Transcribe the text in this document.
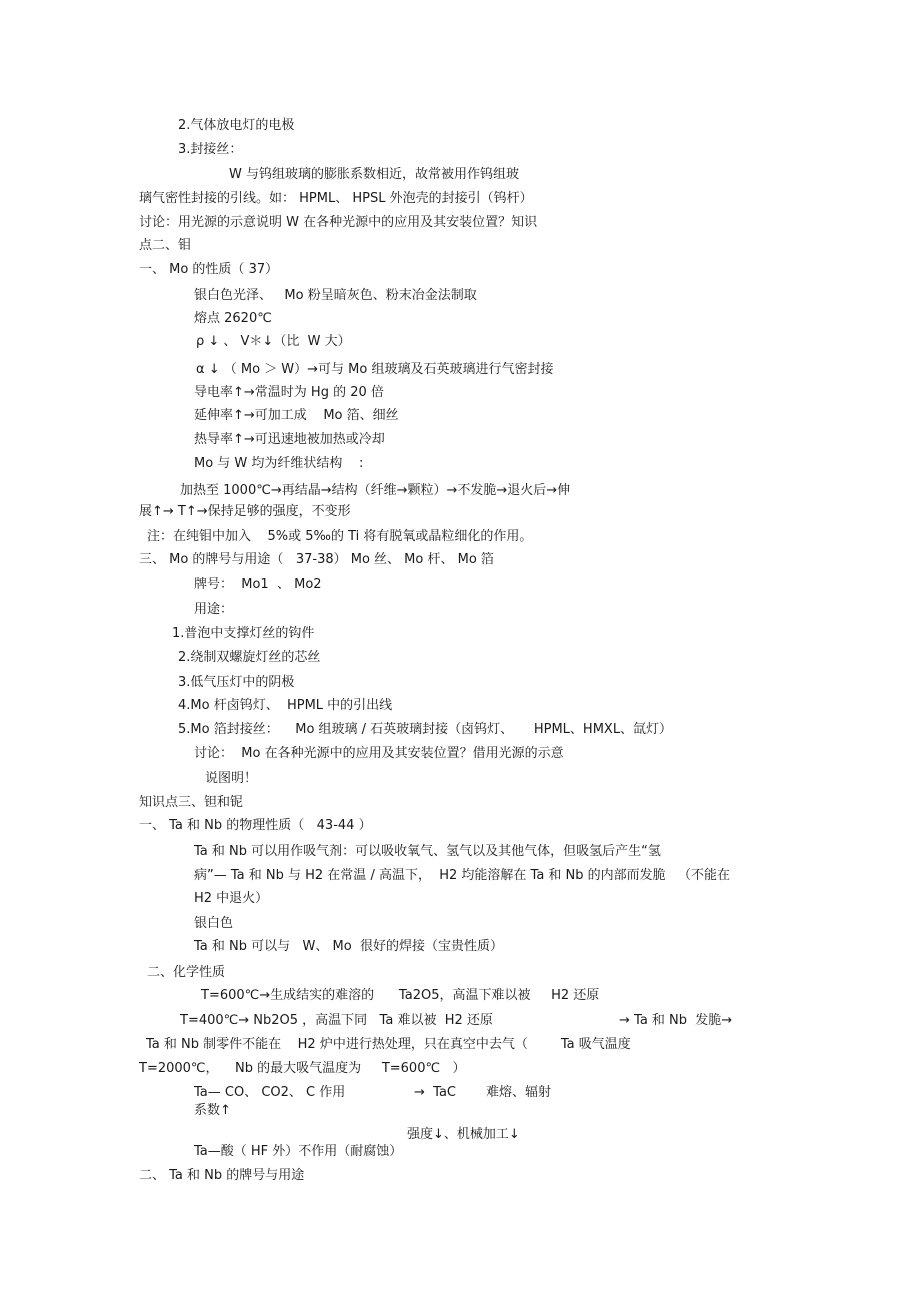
2.气体放电灯的电极
3.封接丝：
W 与钨组玻璃的膨胀系数相近，故常被用作钨组玻
璃气密性封接的引线。如： HPML、 HPSL 外泡壳的封接引（钨杆）
讨论：用光源的示意说明 W 在各种光源中的应用及其安装位置？知识
点二、钼
一、 Mo 的性质（ 37）
银白色光泽、   Mo 粉呈暗灰色、粉末冶金法制取
熔点 2620℃
ρ ↓ 、 V＊↓（比  W 大）
α ↓ （ Mo ＞ W）→可与 Mo 组玻璃及石英玻璃进行气密封接
导电率↑→常温时为 Hg 的 20 倍
延伸率↑→可加工成    Mo 箔、细丝
热导率↑→可迅速地被加热或冷却
Mo 与 W 均为纤维状结构    :
加热至 1000℃→再结晶→结构（纤维→颗粒）→不发脆→退火后→伸
展↑→ T↑→保持足够的强度，不变形
注：在纯钼中加入    5%或 5‰的 Ti 将有脱氧或晶粒细化的作用。
三、 Mo 的牌号与用途（   37-38） Mo 丝、 Mo 杆、 Mo 箔
牌号：  Mo1  、 Mo2
用途：
1.普泡中支撑灯丝的钩件
2.绕制双螺旋灯丝的芯丝
3.低气压灯中的阴极
4.Mo 杆卤钨灯、  HPML 中的引出线
5.Mo 箔封接丝：    Mo 组玻璃 / 石英玻璃封接（卤钨灯、     HPML、HMXL、氙灯）
讨论：  Mo 在各种光源中的应用及其安装位置？借用光源的示意
说图明！
知识点三、钽和铌
一、 Ta 和 Nb 的物理性质（   43-44 ）
Ta 和 Nb 可以用作吸气剂：可以吸收氧气、氢气以及其他气体，但吸氢后产生“氢
病”— Ta 和 Nb 与 H2 在常温 / 高温下，  H2 均能溶解在 Ta 和 Nb 的内部而发脆   （不能在
H2 中退火）
银白色
Ta 和 Nb 可以与   W、 Mo  很好的焊接（宝贵性质）
二、化学性质
T=600℃→生成结实的难溶的      Ta2O5，高温下难以被     H2 还原
T=400℃→ Nb2O5 ，高温下同   Ta 难以被  H2 还原	→ Ta 和 Nb  发脆→
Ta 和 Nb 制零件不能在    H2 炉中进行热处理，只在真空中去气（        Ta 吸气温度
T=2000℃，    Nb 的最大吸气温度为     T=600℃   ）
Ta— CO、 CO2、 C 作用	→  TaC 难熔、辐射
系数↑
强度↓、机械加工↓
Ta—酸（ HF 外）不作用（耐腐蚀）
二、 Ta 和 Nb 的牌号与用途
